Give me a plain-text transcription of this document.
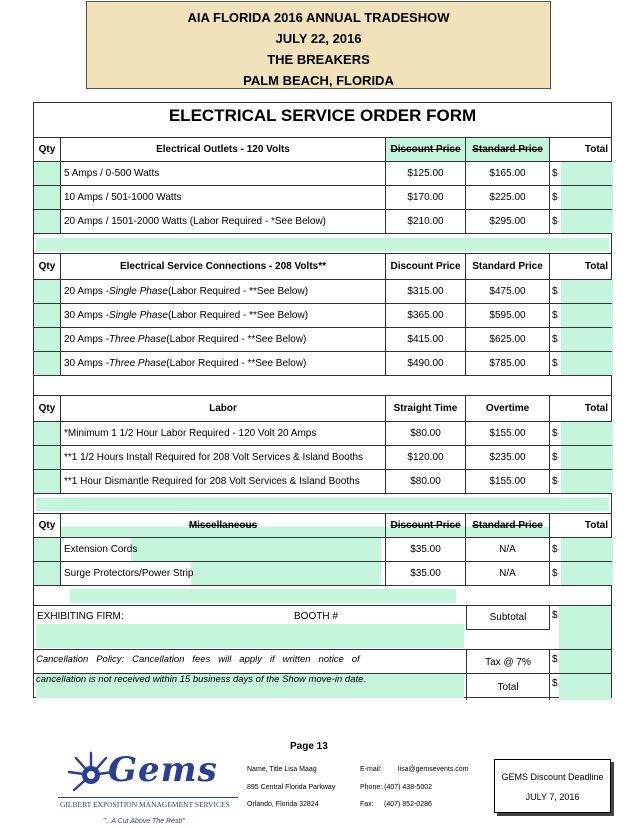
AIA FLORIDA 2016 ANNUAL TRADESHOW
JULY 22, 2016
THE BREAKERS
PALM BEACH, FLORIDA
ELECTRICAL SERVICE ORDER FORM
Qty	Electrical Outlets - 120 Volts	Discount Price	Standard Price	Total
5 Amps / 0-500 Watts	$125.00	$165.00	$
10 Amps / 501-1000 Watts	$170.00	$225.00	$
20 Amps / 1501-2000 Watts (Labor Required - *See Below)	$210.00	$295.00	$
Qty	Electrical Service Connections - 208 Volts**	Discount Price	Standard Price	Total
20 Amps - Single Phase (Labor Required - **See Below)	$315.00	$475.00	$
30 Amps - Single Phase (Labor Required - **See Below)	$365.00	$595.00	$
20 Amps - Three Phase (Labor Required - **See Below)	$415.00	$625.00	$
30 Amps - Three Phase (Labor Required - **See Below)	$490.00	$785.00	$
Qty	Labor	Straight Time	Overtime	Total
*Minimum 1 1/2 Hour Labor Required - 120 Volt 20 Amps	$80.00	$155.00	$
**1 1/2 Hours Install Required for 208 Volt Services & Island Booths	$120.00	$235.00	$
**1 Hour Dismantle Required for 208 Volt Services & Island Booths	$80.00	$155.00	$
Qty	Miscellaneous	Discount Price	Standard Price	Total
Extension Cords	$35.00	N/A	$
Surge Protectors/Power Strip	$35.00	N/A	$
EXHIBITING FIRM:	BOOTH #	Subtotal	$
Cancellation   Policy:   Cancellation   fees   will   apply   if   written   notice   of	Tax @ 7%	$
cancellation is not received within 15 business days of the Show move-in date.
Total	$
Page 13
Gems
GILBERT EXPOSITION MANAGEMENT SERVICES
"...A Cut Above The Rest!"
Name, Title Lisa Maag
895 Central Florida Parkway
Orlando, Florida 32824
E-mail: lisa@gemsevents.com
Phone: (407) 438-5002
Fax: (407) 852-0286
GEMS Discount Deadline
JULY 7, 2016
